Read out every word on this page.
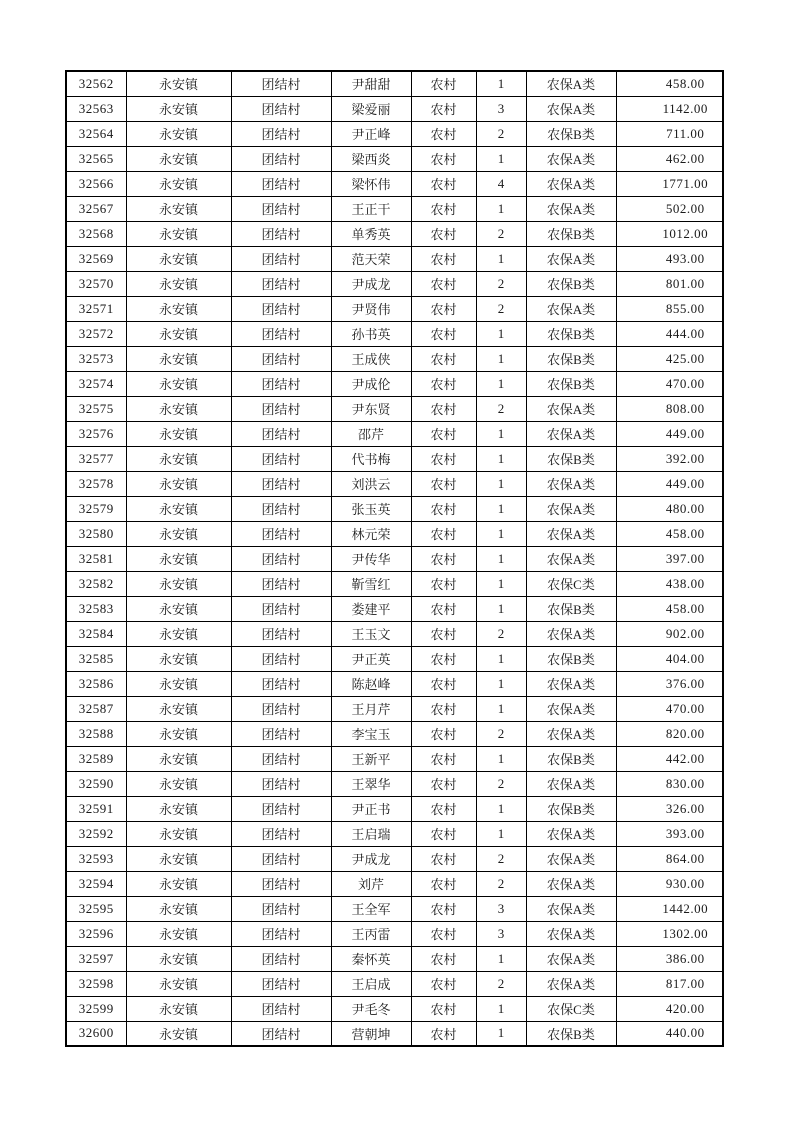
32562	永安镇	团结村	尹甜甜	农村	1	农保A类	458.00
32563	永安镇	团结村	梁爱丽	农村	3	农保A类	1142.00
32564	永安镇	团结村	尹正峰	农村	2	农保B类	711.00
32565	永安镇	团结村	梁西炎	农村	1	农保A类	462.00
32566	永安镇	团结村	梁怀伟	农村	4	农保A类	1771.00
32567	永安镇	团结村	王正干	农村	1	农保A类	502.00
32568	永安镇	团结村	单秀英	农村	2	农保B类	1012.00
32569	永安镇	团结村	范天荣	农村	1	农保A类	493.00
32570	永安镇	团结村	尹成龙	农村	2	农保B类	801.00
32571	永安镇	团结村	尹贤伟	农村	2	农保A类	855.00
32572	永安镇	团结村	孙书英	农村	1	农保B类	444.00
32573	永安镇	团结村	王成侠	农村	1	农保B类	425.00
32574	永安镇	团结村	尹成伦	农村	1	农保B类	470.00
32575	永安镇	团结村	尹东贤	农村	2	农保A类	808.00
32576	永安镇	团结村	邵芹	农村	1	农保A类	449.00
32577	永安镇	团结村	代书梅	农村	1	农保B类	392.00
32578	永安镇	团结村	刘洪云	农村	1	农保A类	449.00
32579	永安镇	团结村	张玉英	农村	1	农保A类	480.00
32580	永安镇	团结村	林元荣	农村	1	农保A类	458.00
32581	永安镇	团结村	尹传华	农村	1	农保A类	397.00
32582	永安镇	团结村	靳雪红	农村	1	农保C类	438.00
32583	永安镇	团结村	娄建平	农村	1	农保B类	458.00
32584	永安镇	团结村	王玉文	农村	2	农保A类	902.00
32585	永安镇	团结村	尹正英	农村	1	农保B类	404.00
32586	永安镇	团结村	陈赵峰	农村	1	农保A类	376.00
32587	永安镇	团结村	王月芹	农村	1	农保A类	470.00
32588	永安镇	团结村	李宝玉	农村	2	农保A类	820.00
32589	永安镇	团结村	王新平	农村	1	农保B类	442.00
32590	永安镇	团结村	王翠华	农村	2	农保A类	830.00
32591	永安镇	团结村	尹正书	农村	1	农保B类	326.00
32592	永安镇	团结村	王启瑞	农村	1	农保A类	393.00
32593	永安镇	团结村	尹成龙	农村	2	农保A类	864.00
32594	永安镇	团结村	刘芹	农村	2	农保A类	930.00
32595	永安镇	团结村	王全军	农村	3	农保A类	1442.00
32596	永安镇	团结村	王丙雷	农村	3	农保A类	1302.00
32597	永安镇	团结村	秦怀英	农村	1	农保A类	386.00
32598	永安镇	团结村	王启成	农村	2	农保A类	817.00
32599	永安镇	团结村	尹毛冬	农村	1	农保C类	420.00
32600	永安镇	团结村	营朝坤	农村	1	农保B类	440.00
